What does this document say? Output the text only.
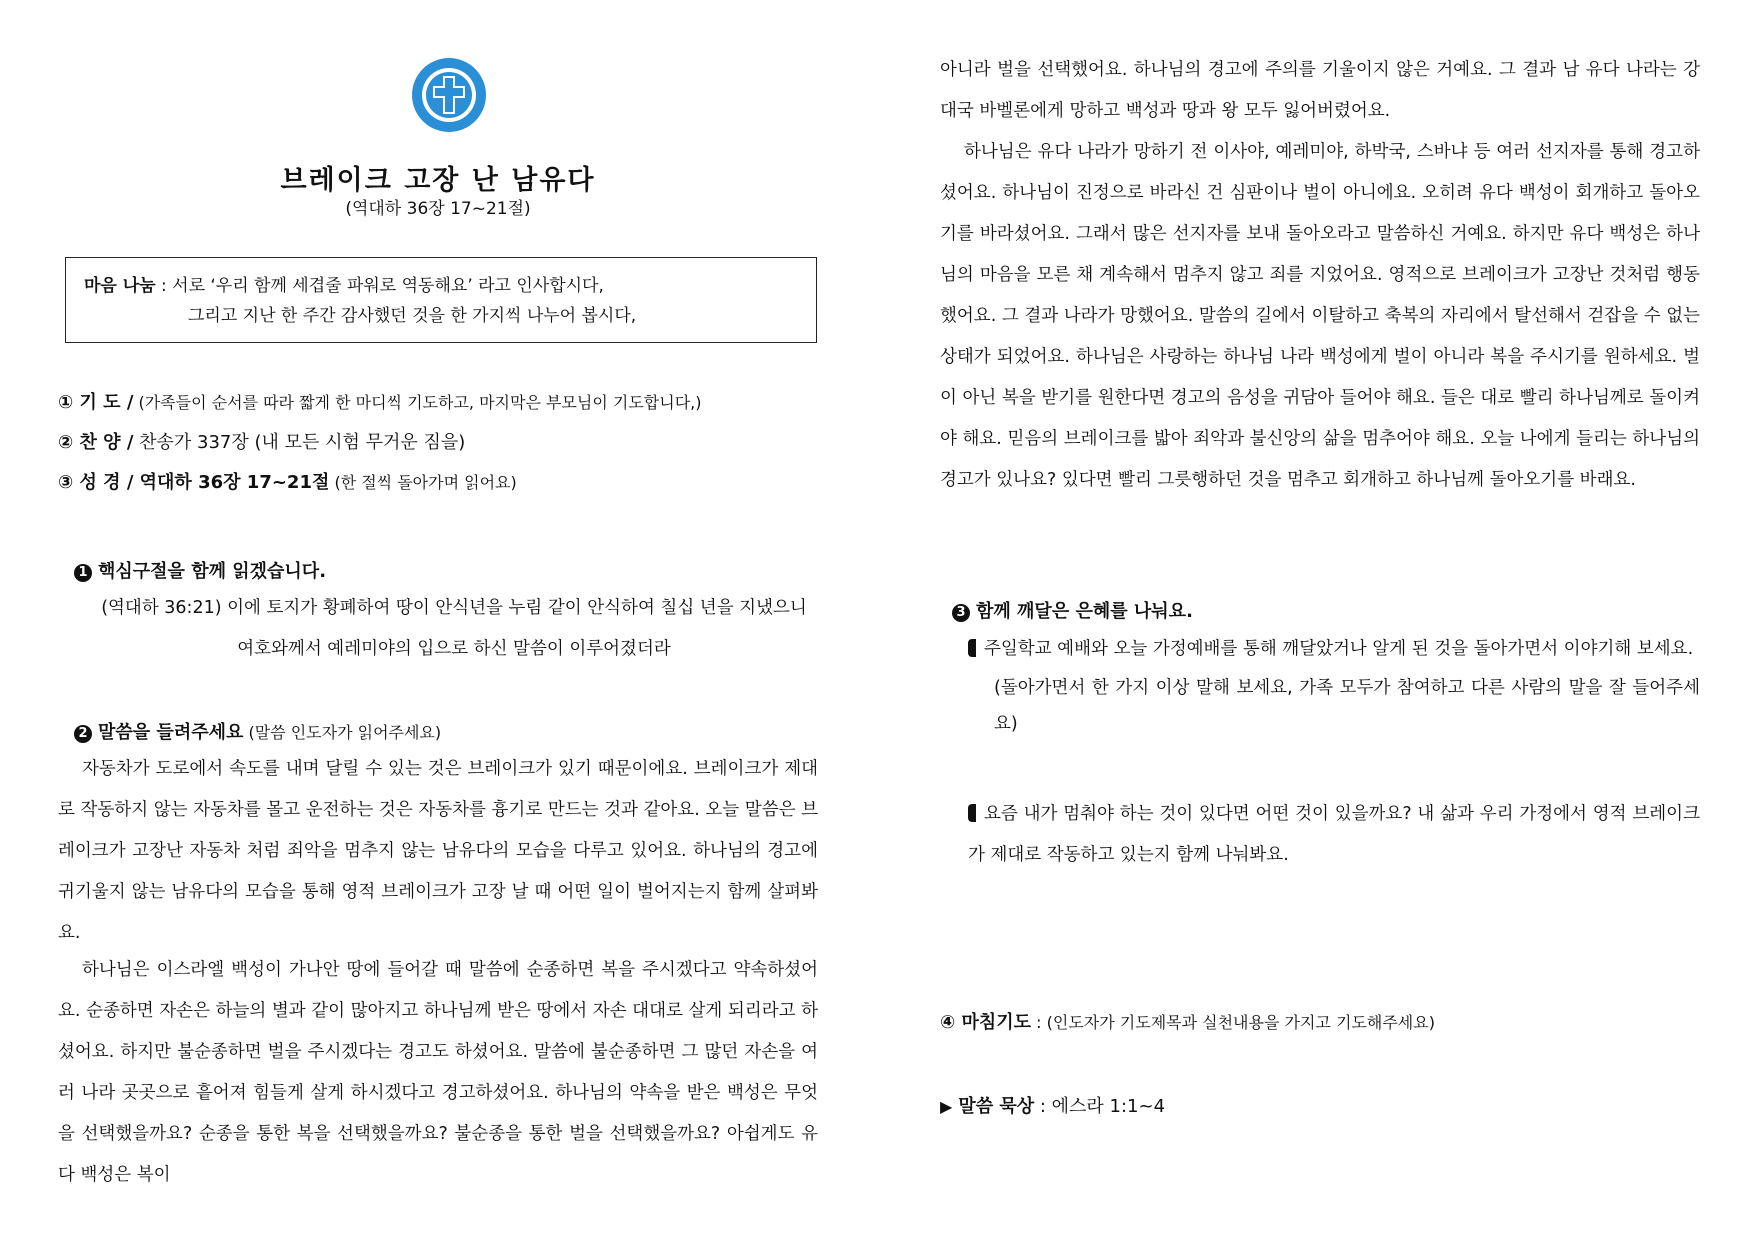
브레이크 고장 난 남유다
(역대하 36장 17~21절)
마음 나눔 : 서로 ‘우리 함께 세겹줄 파워로 역동해요’ 라고 인사합시다,
그리고 지난 한 주간 감사했던 것을 한 가지씩 나누어 봅시다,
① 기 도 / (가족들이 순서를 따라 짧게 한 마디씩 기도하고, 마지막은 부모님이 기도합니다,)
② 찬 양 / 찬송가 337장 (내 모든 시험 무거운 짐을)
③ 성 경 / 역대하 36장 17~21절 (한 절씩 돌아가며 읽어요)
1 핵심구절을 함께 읽겠습니다.
(역대하 36:21) 이에 토지가 황폐하여 땅이 안식년을 누림 같이 안식하여 칠십 년을 지냈으니 여호와께서 예레미야의 입으로 하신 말씀이 이루어졌더라
2 말씀을 들려주세요 (말씀 인도자가 읽어주세요)
자동차가 도로에서 속도를 내며 달릴 수 있는 것은 브레이크가 있기 때문이에요. 브레이크가 제대로 작동하지 않는 자동차를 몰고 운전하는 것은 자동차를 흉기로 만드는 것과 같아요. 오늘 말씀은 브레이크가 고장난 자동차 처럼 죄악을 멈추지 않는 남유다의 모습을 다루고 있어요. 하나님의 경고에 귀기울지 않는 남유다의 모습을 통해 영적 브레이크가 고장 날 때 어떤 일이 벌어지는지 함께 살펴봐요.
하나님은 이스라엘 백성이 가나안 땅에 들어갈 때 말씀에 순종하면 복을 주시겠다고 약속하셨어요. 순종하면 자손은 하늘의 별과 같이 많아지고 하나님께 받은 땅에서 자손 대대로 살게 되리라고 하셨어요. 하지만 불순종하면 벌을 주시겠다는 경고도 하셨어요. 말씀에 불순종하면 그 많던 자손을 여러 나라 곳곳으로 흩어져 힘들게 살게 하시겠다고 경고하셨어요. 하나님의 약속을 받은 백성은 무엇을 선택했을까요? 순종을 통한 복을 선택했을까요? 불순종을 통한 벌을 선택했을까요? 아쉽게도 유다 백성은 복이
아니라 벌을 선택했어요. 하나님의 경고에 주의를 기울이지 않은 거예요. 그 결과 남 유다 나라는 강대국 바벨론에게 망하고 백성과 땅과 왕 모두 잃어버렸어요.
하나님은 유다 나라가 망하기 전 이사야, 예레미야, 하박국, 스바냐 등 여러 선지자를 통해 경고하셨어요. 하나님이 진정으로 바라신 건 심판이나 벌이 아니에요. 오히려 유다 백성이 회개하고 돌아오기를 바라셨어요. 그래서 많은 선지자를 보내 돌아오라고 말씀하신 거예요. 하지만 유다 백성은 하나님의 마음을 모른 채 계속해서 멈추지 않고 죄를 지었어요. 영적으로 브레이크가 고장난 것처럼 행동했어요. 그 결과 나라가 망했어요. 말씀의 길에서 이탈하고 축복의 자리에서 탈선해서 걷잡을 수 없는 상태가 되었어요. 하나님은 사랑하는 하나님 나라 백성에게 벌이 아니라 복을 주시기를 원하세요. 벌이 아닌 복을 받기를 원한다면 경고의 음성을 귀담아 들어야 해요. 들은 대로 빨리 하나님께로 돌이켜야 해요. 믿음의 브레이크를 밟아 죄악과 불신앙의 삶을 멈추어야 해요. 오늘 나에게 들리는 하나님의 경고가 있나요? 있다면 빨리 그릇행하던 것을 멈추고 회개하고 하나님께 돌아오기를 바래요.
3 함께 깨달은 은혜를 나눠요.
주일학교 예배와 오늘 가정예배를 통해 깨달았거나 알게 된 것을 돌아가면서 이야기해 보세요.
(돌아가면서 한 가지 이상 말해 보세요, 가족 모두가 참여하고 다른 사람의 말을 잘 들어주세요)
요즘 내가 멈춰야 하는 것이 있다면 어떤 것이 있을까요? 내 삶과 우리 가정에서 영적 브레이크가 제대로 작동하고 있는지 함께 나눠봐요.
④ 마침기도 : (인도자가 기도제목과 실천내용을 가지고 기도해주세요)
▶ 말씀 묵상 : 에스라 1:1~4
